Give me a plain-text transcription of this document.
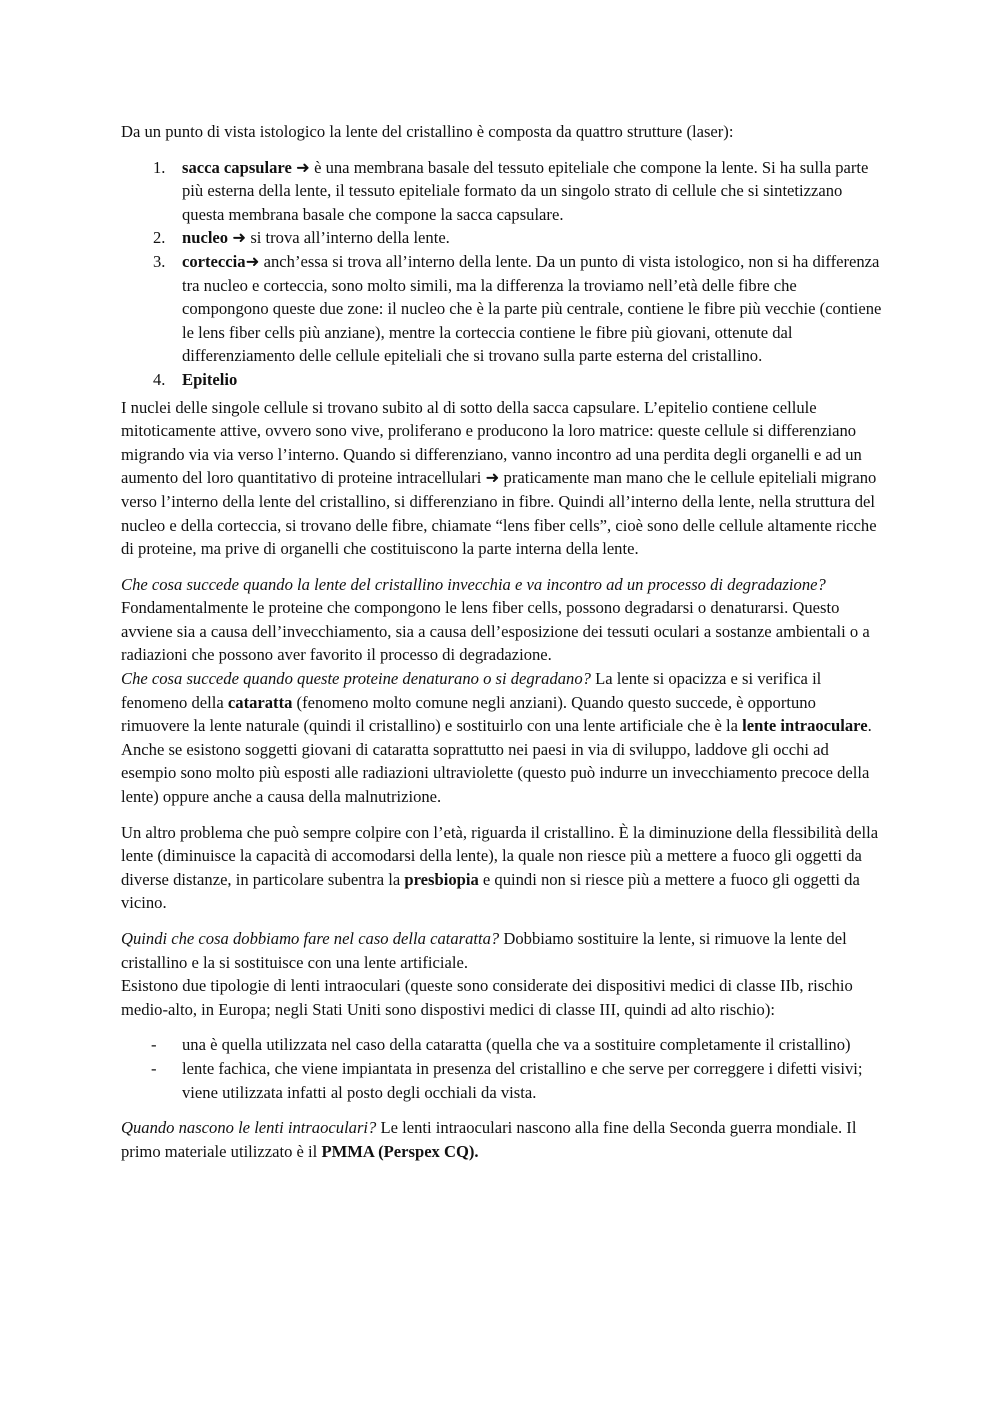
Da un punto di vista istologico la lente del cristallino è composta da quattro strutture (laser):

1. sacca capsulare ➜ è una membrana basale del tessuto epiteliale che compone la lente. Si ha sulla parte più esterna della lente, il tessuto epiteliale formato da un singolo strato di cellule che si sintetizzano questa membrana basale che compone la sacca capsulare.
2. nucleo ➜ si trova all’interno della lente.
3. corteccia➜ anch’essa si trova all’interno della lente. Da un punto di vista istologico, non si ha differenza tra nucleo e corteccia, sono molto simili, ma la differenza la troviamo nell’età delle fibre che compongono queste due zone: il nucleo che è la parte più centrale, contiene le fibre più vecchie (contiene le lens fiber cells più anziane), mentre la corteccia contiene le fibre più giovani, ottenute dal differenziamento delle cellule epiteliali che si trovano sulla parte esterna del cristallino.
4. Epitelio

I nuclei delle singole cellule si trovano subito al di sotto della sacca capsulare. L’epitelio contiene cellule mitoticamente attive, ovvero sono vive, proliferano e producono la loro matrice: queste cellule si differenziano migrando via via verso l’interno. Quando si differenziano, vanno incontro ad una perdita degli organelli e ad un aumento del loro quantitativo di proteine intracellulari ➜ praticamente man mano che le cellule epiteliali migrano verso l’interno della lente del cristallino, si differenziano in fibre. Quindi all’interno della lente, nella struttura del nucleo e della corteccia, si trovano delle fibre, chiamate “lens fiber cells”, cioè sono delle cellule altamente ricche di proteine, ma prive di organelli che costituiscono la parte interna della lente.

Che cosa succede quando la lente del cristallino invecchia e va incontro ad un processo di degradazione? Fondamentalmente le proteine che compongono le lens fiber cells, possono degradarsi o denaturarsi. Questo avviene sia a causa dell’invecchiamento, sia a causa dell’esposizione dei tessuti oculari a sostanze ambientali o a radiazioni che possono aver favorito il processo di degradazione.
Che cosa succede quando queste proteine denaturano o si degradano? La lente si opacizza e si verifica il fenomeno della cataratta (fenomeno molto comune negli anziani). Quando questo succede, è opportuno rimuovere la lente naturale (quindi il cristallino) e sostituirlo con una lente artificiale che è la lente intraoculare. Anche se esistono soggetti giovani di cataratta soprattutto nei paesi in via di sviluppo, laddove gli occhi ad esempio sono molto più esposti alle radiazioni ultraviolette (questo può indurre un invecchiamento precoce della lente) oppure anche a causa della malnutrizione.

Un altro problema che può sempre colpire con l’età, riguarda il cristallino. È la diminuzione della flessibilità della lente (diminuisce la capacità di accomodarsi della lente), la quale non riesce più a mettere a fuoco gli oggetti da diverse distanze, in particolare subentra la presbiopia e quindi non si riesce più a mettere a fuoco gli oggetti da vicino.

Quindi che cosa dobbiamo fare nel caso della cataratta? Dobbiamo sostituire la lente, si rimuove la lente del cristallino e la si sostituisce con una lente artificiale.
Esistono due tipologie di lenti intraoculari (queste sono considerate dei dispositivi medici di classe IIb, rischio medio-alto, in Europa; negli Stati Uniti sono dispostivi medici di classe III, quindi ad alto rischio):

- una è quella utilizzata nel caso della cataratta (quella che va a sostituire completamente il cristallino)
- lente fachica, che viene impiantata in presenza del cristallino e che serve per correggere i difetti visivi; viene utilizzata infatti al posto degli occhiali da vista.

Quando nascono le lenti intraoculari? Le lenti intraoculari nascono alla fine della Seconda guerra mondiale. Il primo materiale utilizzato è il PMMA (Perspex CQ).
